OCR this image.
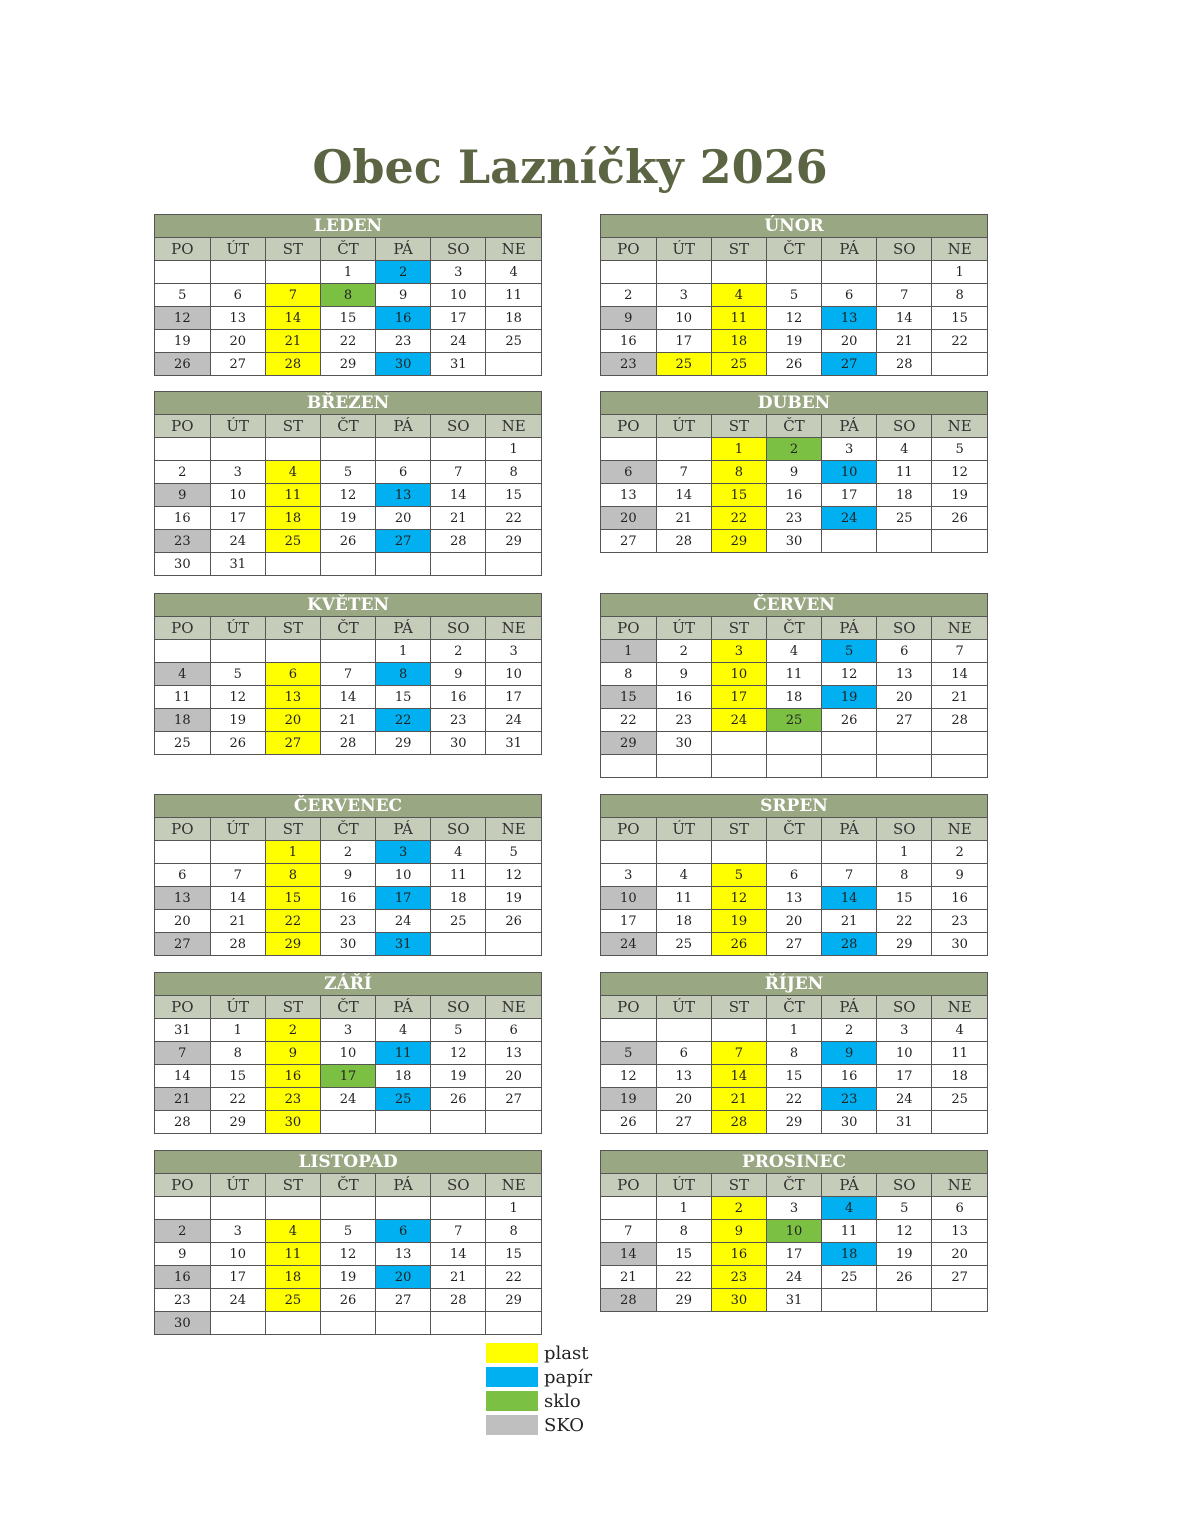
Obec Lazníčky 2026
LEDEN
PO	ÚT	ST	ČT	PÁ	SO	NE
			1	2	3	4
5	6	7	8	9	10	11
12	13	14	15	16	17	18
19	20	21	22	23	24	25
26	27	28	29	30	31	
ÚNOR
PO	ÚT	ST	ČT	PÁ	SO	NE
						1
2	3	4	5	6	7	8
9	10	11	12	13	14	15
16	17	18	19	20	21	22
23	25	25	26	27	28	
BŘEZEN
PO	ÚT	ST	ČT	PÁ	SO	NE
						1
2	3	4	5	6	7	8
9	10	11	12	13	14	15
16	17	18	19	20	21	22
23	24	25	26	27	28	29
30	31					
DUBEN
PO	ÚT	ST	ČT	PÁ	SO	NE
		1	2	3	4	5
6	7	8	9	10	11	12
13	14	15	16	17	18	19
20	21	22	23	24	25	26
27	28	29	30			
KVĚTEN
PO	ÚT	ST	ČT	PÁ	SO	NE
				1	2	3
4	5	6	7	8	9	10
11	12	13	14	15	16	17
18	19	20	21	22	23	24
25	26	27	28	29	30	31
ČERVEN
PO	ÚT	ST	ČT	PÁ	SO	NE
1	2	3	4	5	6	7
8	9	10	11	12	13	14
15	16	17	18	19	20	21
22	23	24	25	26	27	28
29	30					

ČERVENEC
PO	ÚT	ST	ČT	PÁ	SO	NE
		1	2	3	4	5
6	7	8	9	10	11	12
13	14	15	16	17	18	19
20	21	22	23	24	25	26
27	28	29	30	31		
SRPEN
PO	ÚT	ST	ČT	PÁ	SO	NE
					1	2
3	4	5	6	7	8	9
10	11	12	13	14	15	16
17	18	19	20	21	22	23
24	25	26	27	28	29	30
ZÁŘÍ
PO	ÚT	ST	ČT	PÁ	SO	NE
31	1	2	3	4	5	6
7	8	9	10	11	12	13
14	15	16	17	18	19	20
21	22	23	24	25	26	27
28	29	30				
ŘÍJEN
PO	ÚT	ST	ČT	PÁ	SO	NE
			1	2	3	4
5	6	7	8	9	10	11
12	13	14	15	16	17	18
19	20	21	22	23	24	25
26	27	28	29	30	31	
LISTOPAD
PO	ÚT	ST	ČT	PÁ	SO	NE
						1
2	3	4	5	6	7	8
9	10	11	12	13	14	15
16	17	18	19	20	21	22
23	24	25	26	27	28	29
30						
PROSINEC
PO	ÚT	ST	ČT	PÁ	SO	NE
	1	2	3	4	5	6
7	8	9	10	11	12	13
14	15	16	17	18	19	20
21	22	23	24	25	26	27
28	29	30	31			
plast
papír
sklo
SKO
